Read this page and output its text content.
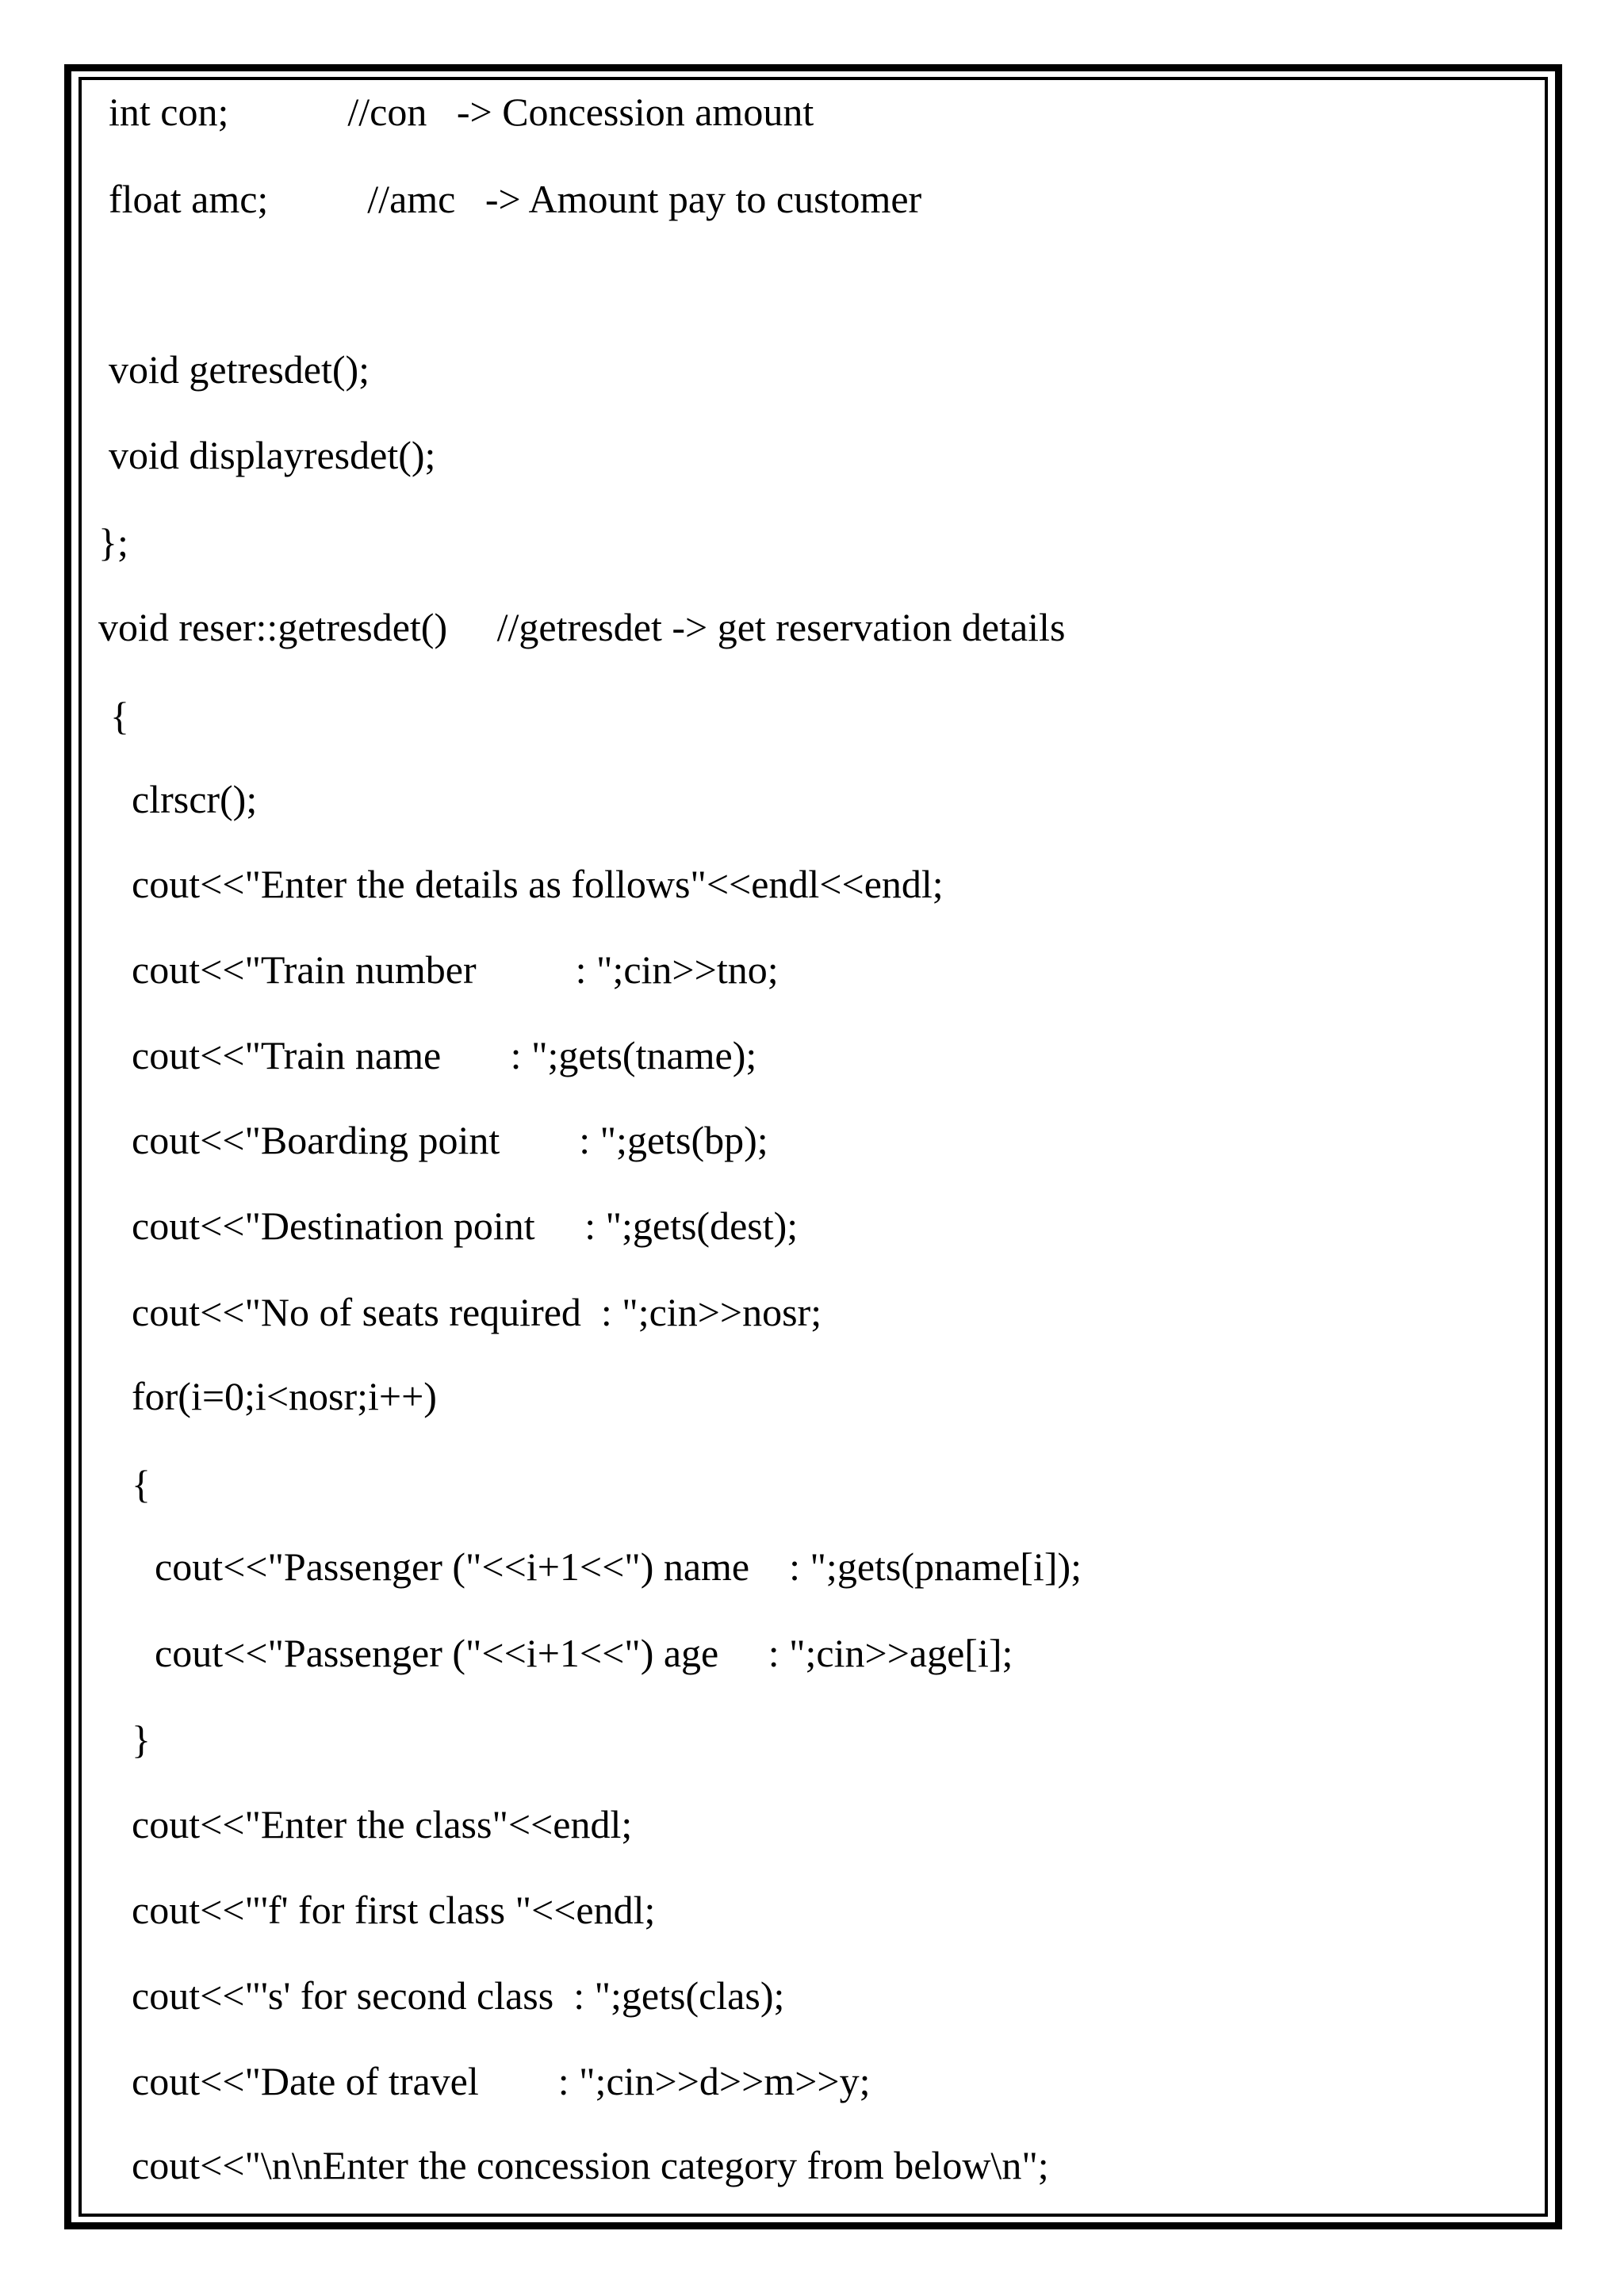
int con;            //con   -> Concession amount
float amc;          //amc   -> Amount pay to customer
void getresdet();
void displayresdet();
};
void reser::getresdet()     //getresdet -> get reservation details
{
clrscr();
cout<<"Enter the details as follows"<<endl<<endl;
cout<<"Train number          : ";cin>>tno;
cout<<"Train name       : ";gets(tname);
cout<<"Boarding point        : ";gets(bp);
cout<<"Destination point     : ";gets(dest);
cout<<"No of seats required  : ";cin>>nosr;
for(i=0;i<nosr;i++)
{
cout<<"Passenger ("<<i+1<<") name    : ";gets(pname[i]);
cout<<"Passenger ("<<i+1<<") age     : ";cin>>age[i];
}
cout<<"Enter the class"<<endl;
cout<<"'f' for first class "<<endl;
cout<<"'s' for second class  : ";gets(clas);
cout<<"Date of travel        : ";cin>>d>>m>>y;
cout<<"\n\nEnter the concession category from below\n";
